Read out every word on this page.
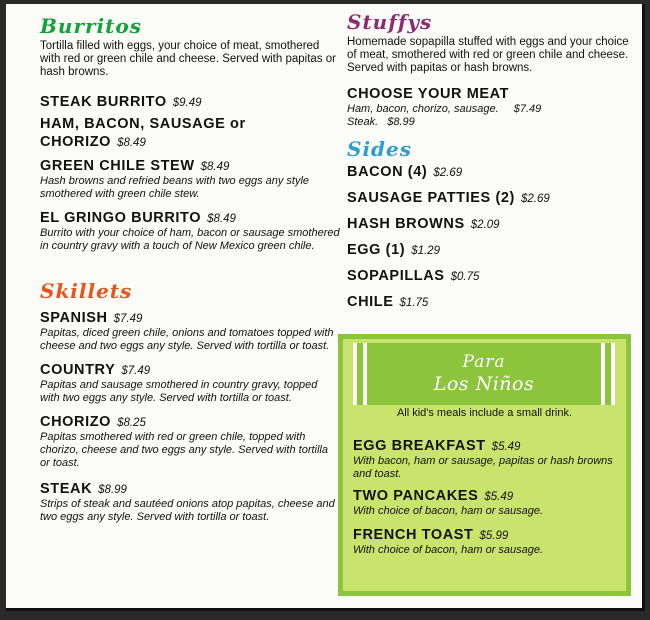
Burritos

Tortilla filled with eggs, your choice of meat, smothered with red or green chile and cheese. Served with papitas or hash browns.

STEAK BURRITO $9.49
HAM, BACON, SAUSAGE or CHORIZO $8.49
GREEN CHILE STEW $8.49
Hash browns and refried beans with two eggs any style smothered with green chile stew.
EL GRINGO BURRITO $8.49
Burrito with your choice of ham, bacon or sausage smothered in country gravy with a touch of New Mexico green chile.
Skillets
SPANISH $7.49
Papitas, diced green chile, onions and tomatoes topped with cheese and two eggs any style. Served with tortilla or toast.
COUNTRY $7.49
Papitas and sausage smothered in country gravy, topped with two eggs any style. Served with tortilla or toast.
CHORIZO $8.25
Papitas smothered with red or green chile, topped with chorizo, cheese and two eggs any style. Served with tortilla or toast.
STEAK $8.99
Strips of steak and sautéed onions atop papitas, cheese and two eggs any style. Served with tortilla or toast.
Stuffys

Homemade sopapilla stuffed with eggs and your choice of meat, smothered with red or green chile and cheese. Served with papitas or hash browns.

CHOOSE YOUR MEAT
Ham, bacon, chorizo, sausage. $7.49
Steak. $8.99
Sides
BACON (4) $2.69
SAUSAGE PATTIES (2) $2.69
HASH BROWNS $2.09
EGG (1) $1.29
SOPAPILLAS $0.75
CHILE $1.75
Para
Los Niños
All kid's meals include a small drink.
EGG BREAKFAST $5.49
With bacon, ham or sausage, papitas or hash browns and toast.
TWO PANCAKES $5.49
With choice of bacon, ham or sausage.
FRENCH TOAST $5.99
With choice of bacon, ham or sausage.
